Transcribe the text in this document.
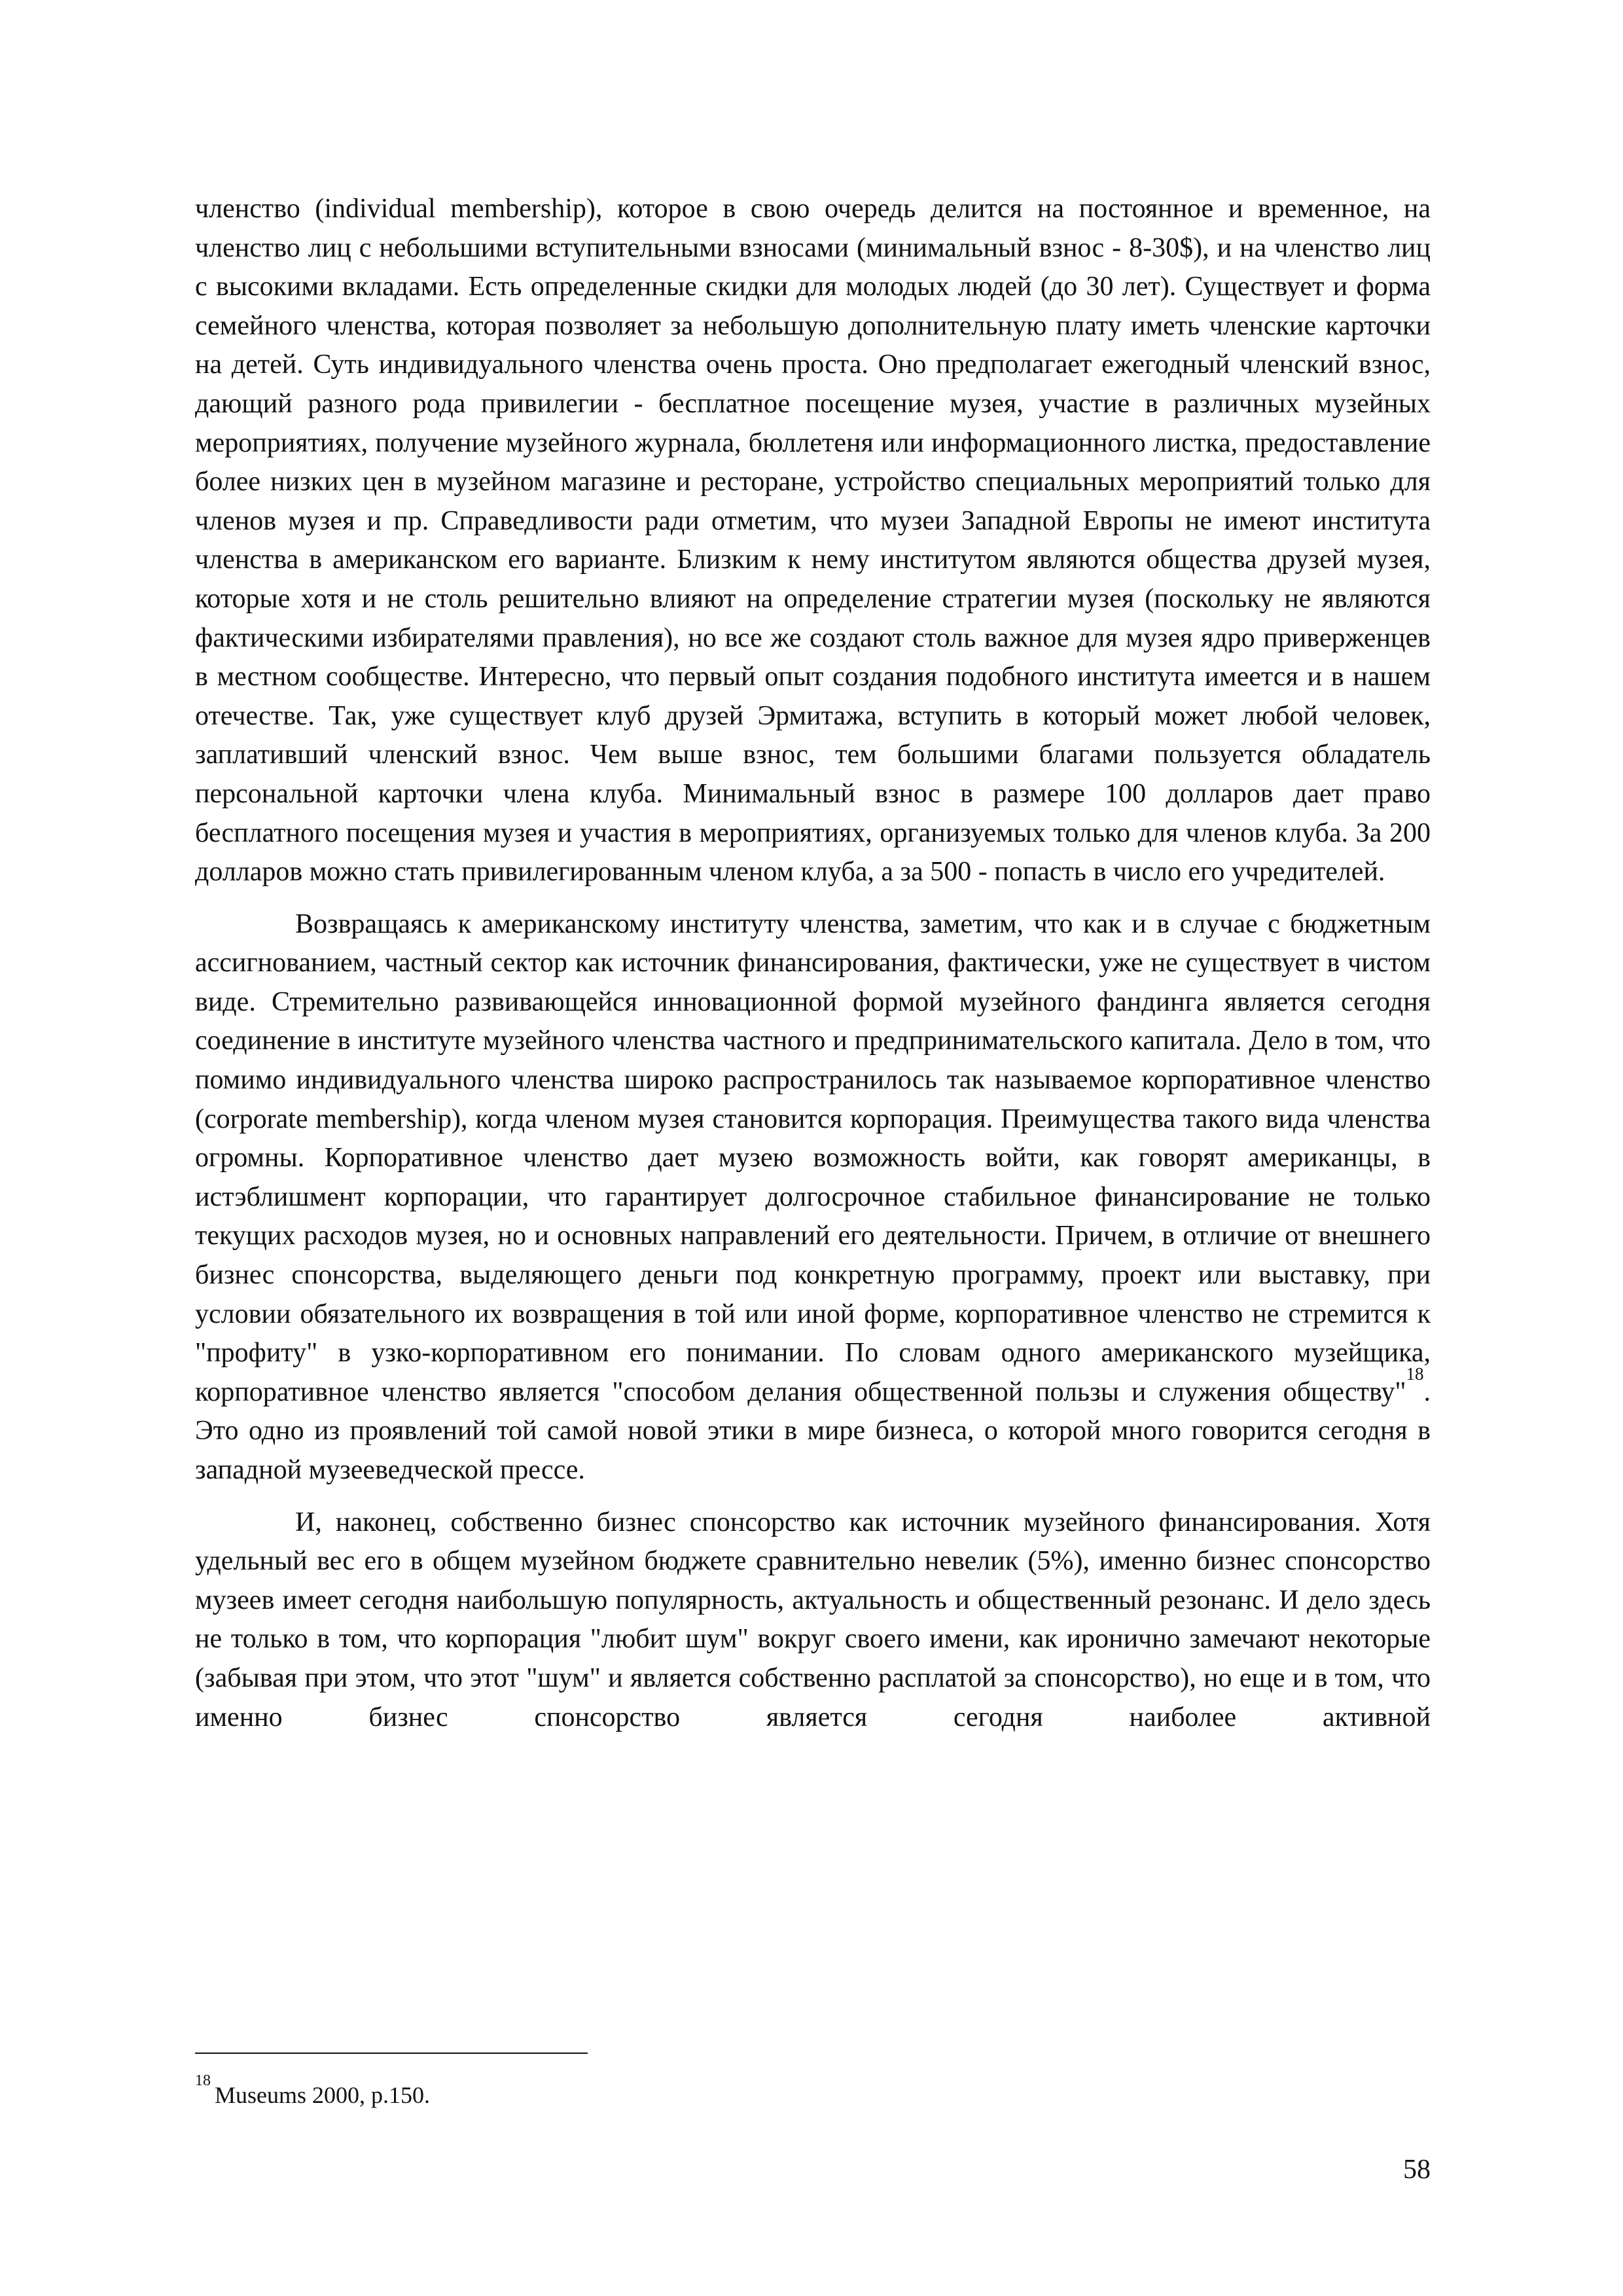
членство (individual membership), которое в свою очередь делится на постоянное и временное, на членство лиц с небольшими вступительными взносами (минимальный взнос - 8-30$), и на членство лиц с высокими вкладами. Есть определенные скидки для молодых людей (до 30 лет). Существует и форма семейного членства, которая позволяет за небольшую дополнительную плату иметь членские карточки на детей. Суть индивидуального членства очень проста. Оно предполагает ежегодный членский взнос, дающий разного рода привилегии - бесплатное посещение музея, участие в различных музейных мероприятиях, получение музейного журнала, бюллетеня или информационного листка, предоставление более низких цен в музейном магазине и ресторане, устройство специальных мероприятий только для членов музея и пр. Справедливости ради отметим, что музеи Западной Европы не имеют института членства в американском его варианте. Близким к нему институтом являются общества друзей музея, которые хотя и не столь решительно влияют на определение стратегии музея (поскольку не являются фактическими избирателями правления), но все же создают столь важное для музея ядро приверженцев в местном сообществе. Интересно, что первый опыт создания подобного института имеется и в нашем отечестве. Так, уже существует клуб друзей Эрмитажа, вступить в который может любой человек, заплативший членский взнос. Чем выше взнос, тем большими благами пользуется обладатель персональной карточки члена клуба. Минимальный взнос в размере 100 долларов дает право бесплатного посещения музея и участия в мероприятиях, организуемых только для членов клуба. За 200 долларов можно стать привилегированным членом клуба, а за 500 - попасть в число его учредителей.

Возвращаясь к американскому институту членства, заметим, что как и в случае с бюджетным ассигнованием, частный сектор как источник финансирования, фактически, уже не существует в чистом виде. Стремительно развивающейся инновационной формой музейного фандинга является сегодня соединение в институте музейного членства частного и предпринимательского капитала. Дело в том, что помимо индивидуального членства широко распространилось так называемое корпоративное членство (corporate membership), когда членом музея становится корпорация. Преимущества такого вида членства огромны. Корпоративное членство дает музею возможность войти, как говорят американцы, в истэблишмент корпорации, что гарантирует долгосрочное стабильное финансирование не только текущих расходов музея, но и основных направлений его деятельности. Причем, в отличие от внешнего бизнес спонсорства, выделяющего деньги под конкретную программу, проект или выставку, при условии обязательного их возвращения в той или иной форме, корпоративное членство не стремится к "профиту" в узко-корпоративном его понимании. По словам одного американского музейщика, корпоративное членство является "способом делания общественной пользы и служения обществу"$^{18}$. Это одно из проявлений той самой новой этики в мире бизнеса, о которой много говорится сегодня в западной музееведческой прессе.

И, наконец, собственно бизнес спонсорство как источник музейного финансирования. Хотя удельный вес его в общем музейном бюджете сравнительно невелик (5%), именно бизнес спонсорство музеев имеет сегодня наибольшую популярность, актуальность и общественный резонанс. И дело здесь не только в том, что корпорация "любит шум" вокруг своего имени, как иронично замечают некоторые (забывая при этом, что этот "шум" и является собственно расплатой за спонсорство), но еще и в том, что именно бизнес спонсорство является сегодня наиболее активной

$^{18}$Museums 2000, p.150.

58
